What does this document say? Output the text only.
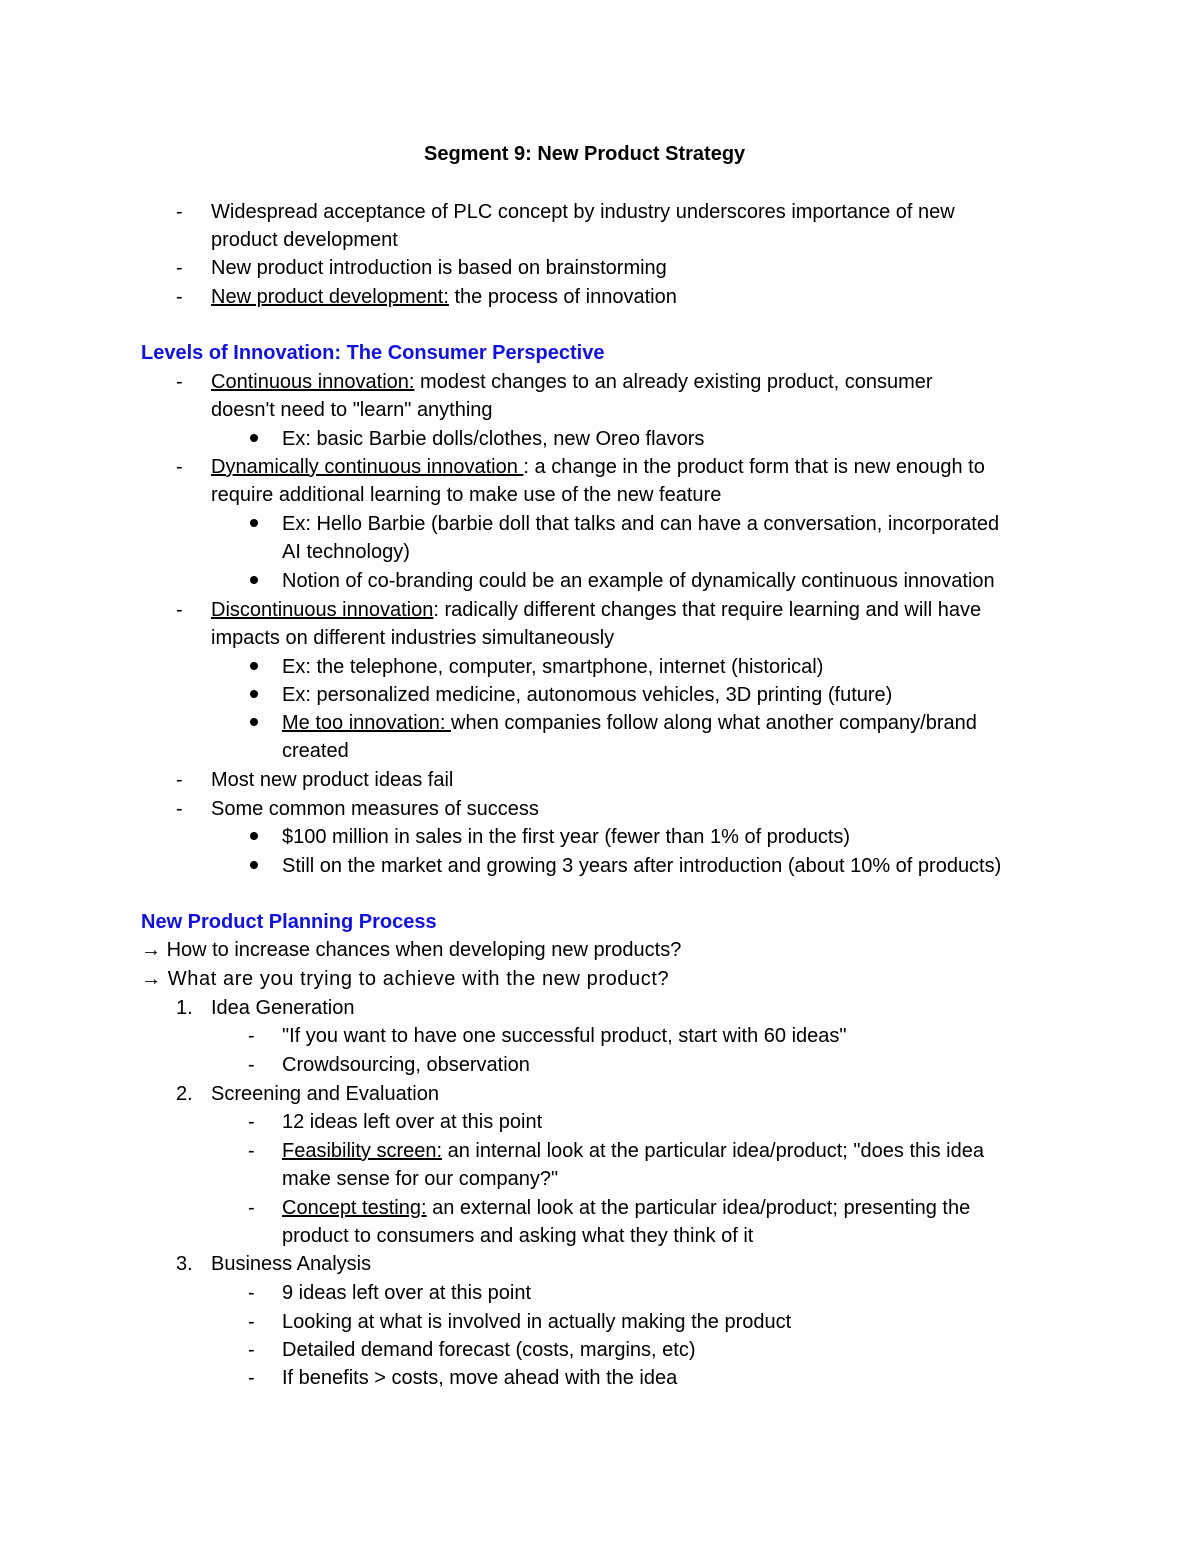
Segment 9: New Product Strategy
- Widespread acceptance of PLC concept by industry underscores importance of new
product development
- New product introduction is based on brainstorming
- New product development: the process of innovation
Levels of Innovation: The Consumer Perspective
- Continuous innovation: modest changes to an already existing product, consumer
doesn't need to "learn" anything
Ex: basic Barbie dolls/clothes, new Oreo flavors
- Dynamically continuous innovation : a change in the product form that is new enough to
require additional learning to make use of the new feature
Ex: Hello Barbie (barbie doll that talks and can have a conversation, incorporated
AI technology)
Notion of co-branding could be an example of dynamically continuous innovation
- Discontinuous innovation: radically different changes that require learning and will have
impacts on different industries simultaneously
Ex: the telephone, computer, smartphone, internet (historical)
Ex: personalized medicine, autonomous vehicles, 3D printing (future)
Me too innovation: when companies follow along what another company/brand
created
- Most new product ideas fail
- Some common measures of success
$100 million in sales in the first year (fewer than 1% of products)
Still on the market and growing 3 years after introduction (about 10% of products)
New Product Planning Process
→ How to increase chances when developing new products?
→ What are you trying to achieve with the new product?
1. Idea Generation
- "If you want to have one successful product, start with 60 ideas"
- Crowdsourcing, observation
2. Screening and Evaluation
- 12 ideas left over at this point
- Feasibility screen: an internal look at the particular idea/product; "does this idea
make sense for our company?"
- Concept testing: an external look at the particular idea/product; presenting the
product to consumers and asking what they think of it
3. Business Analysis
- 9 ideas left over at this point
- Looking at what is involved in actually making the product
- Detailed demand forecast (costs, margins, etc)
- If benefits > costs, move ahead with the idea
